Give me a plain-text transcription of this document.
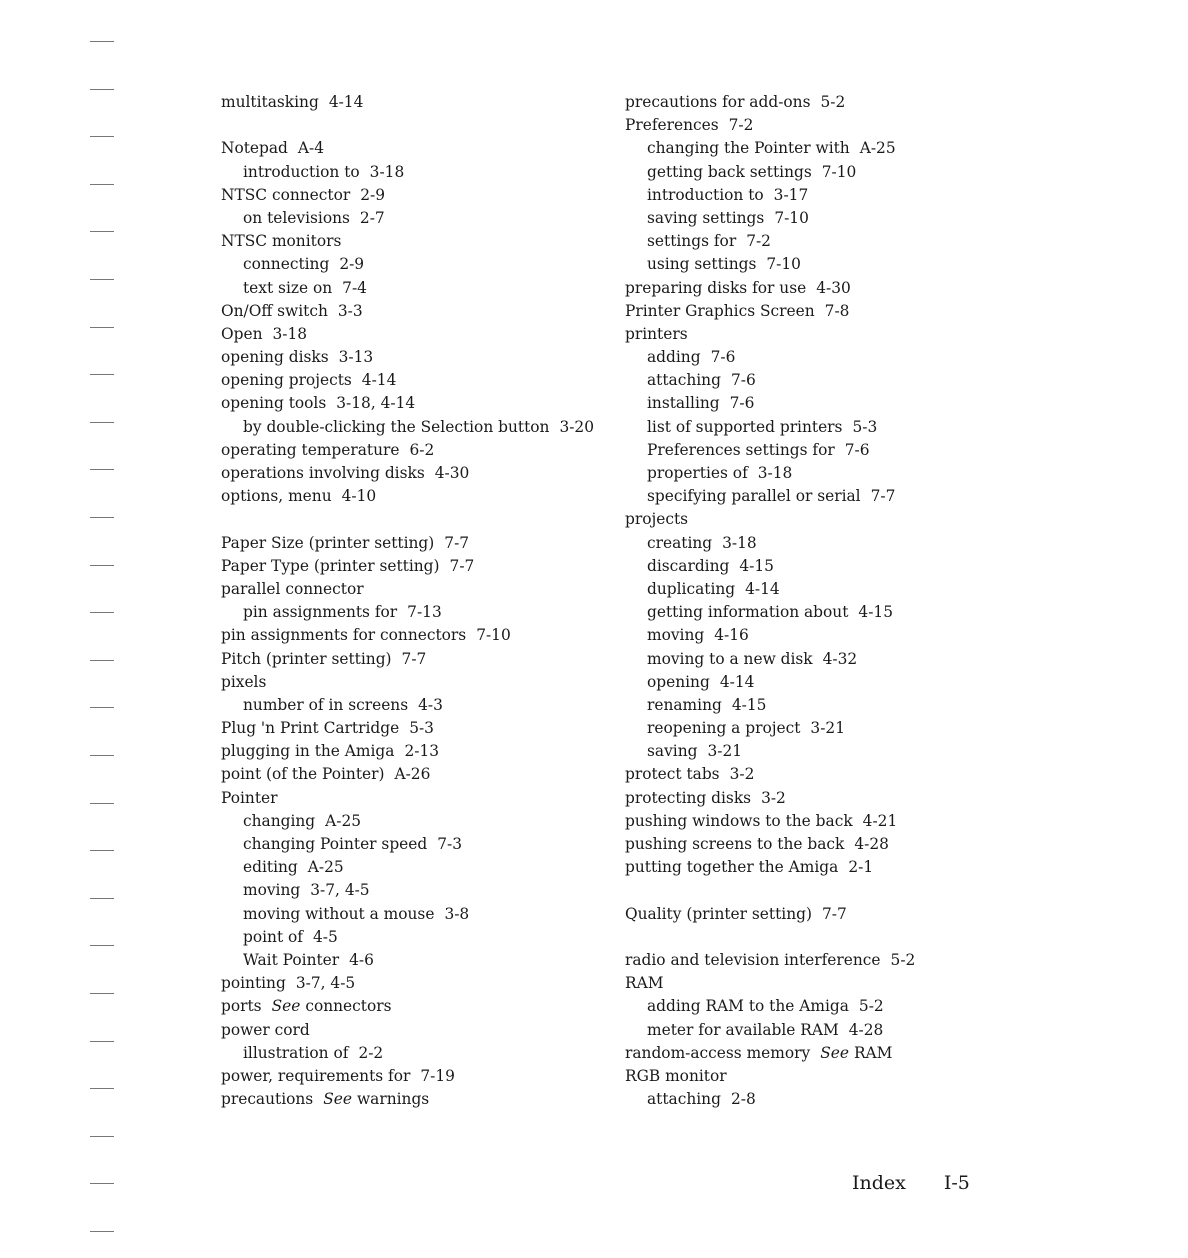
multitasking 4-14
Notepad A-4
introduction to 3-18
NTSC connector 2-9
on televisions 2-7
NTSC monitors
connecting 2-9
text size on 7-4
On/Off switch 3-3
Open 3-18
opening disks 3-13
opening projects 4-14
opening tools 3-18, 4-14
by double-clicking the Selection button 3-20
operating temperature 6-2
operations involving disks 4-30
options, menu 4-10
Paper Size (printer setting) 7-7
Paper Type (printer setting) 7-7
parallel connector
pin assignments for 7-13
pin assignments for connectors 7-10
Pitch (printer setting) 7-7
pixels
number of in screens 4-3
Plug 'n Print Cartridge 5-3
plugging in the Amiga 2-13
point (of the Pointer) A-26
Pointer
changing A-25
changing Pointer speed 7-3
editing A-25
moving 3-7, 4-5
moving without a mouse 3-8
point of 4-5
Wait Pointer 4-6
pointing 3-7, 4-5
ports See connectors
power cord
illustration of 2-2
power, requirements for 7-19
precautions See warnings
precautions for add-ons 5-2
Preferences 7-2
changing the Pointer with A-25
getting back settings 7-10
introduction to 3-17
saving settings 7-10
settings for 7-2
using settings 7-10
preparing disks for use 4-30
Printer Graphics Screen 7-8
printers
adding 7-6
attaching 7-6
installing 7-6
list of supported printers 5-3
Preferences settings for 7-6
properties of 3-18
specifying parallel or serial 7-7
projects
creating 3-18
discarding 4-15
duplicating 4-14
getting information about 4-15
moving 4-16
moving to a new disk 4-32
opening 4-14
renaming 4-15
reopening a project 3-21
saving 3-21
protect tabs 3-2
protecting disks 3-2
pushing windows to the back 4-21
pushing screens to the back 4-28
putting together the Amiga 2-1
Quality (printer setting) 7-7
radio and television interference 5-2
RAM
adding RAM to the Amiga 5-2
meter for available RAM 4-28
random-access memory See RAM
RGB monitor
attaching 2-8
Index I-5
